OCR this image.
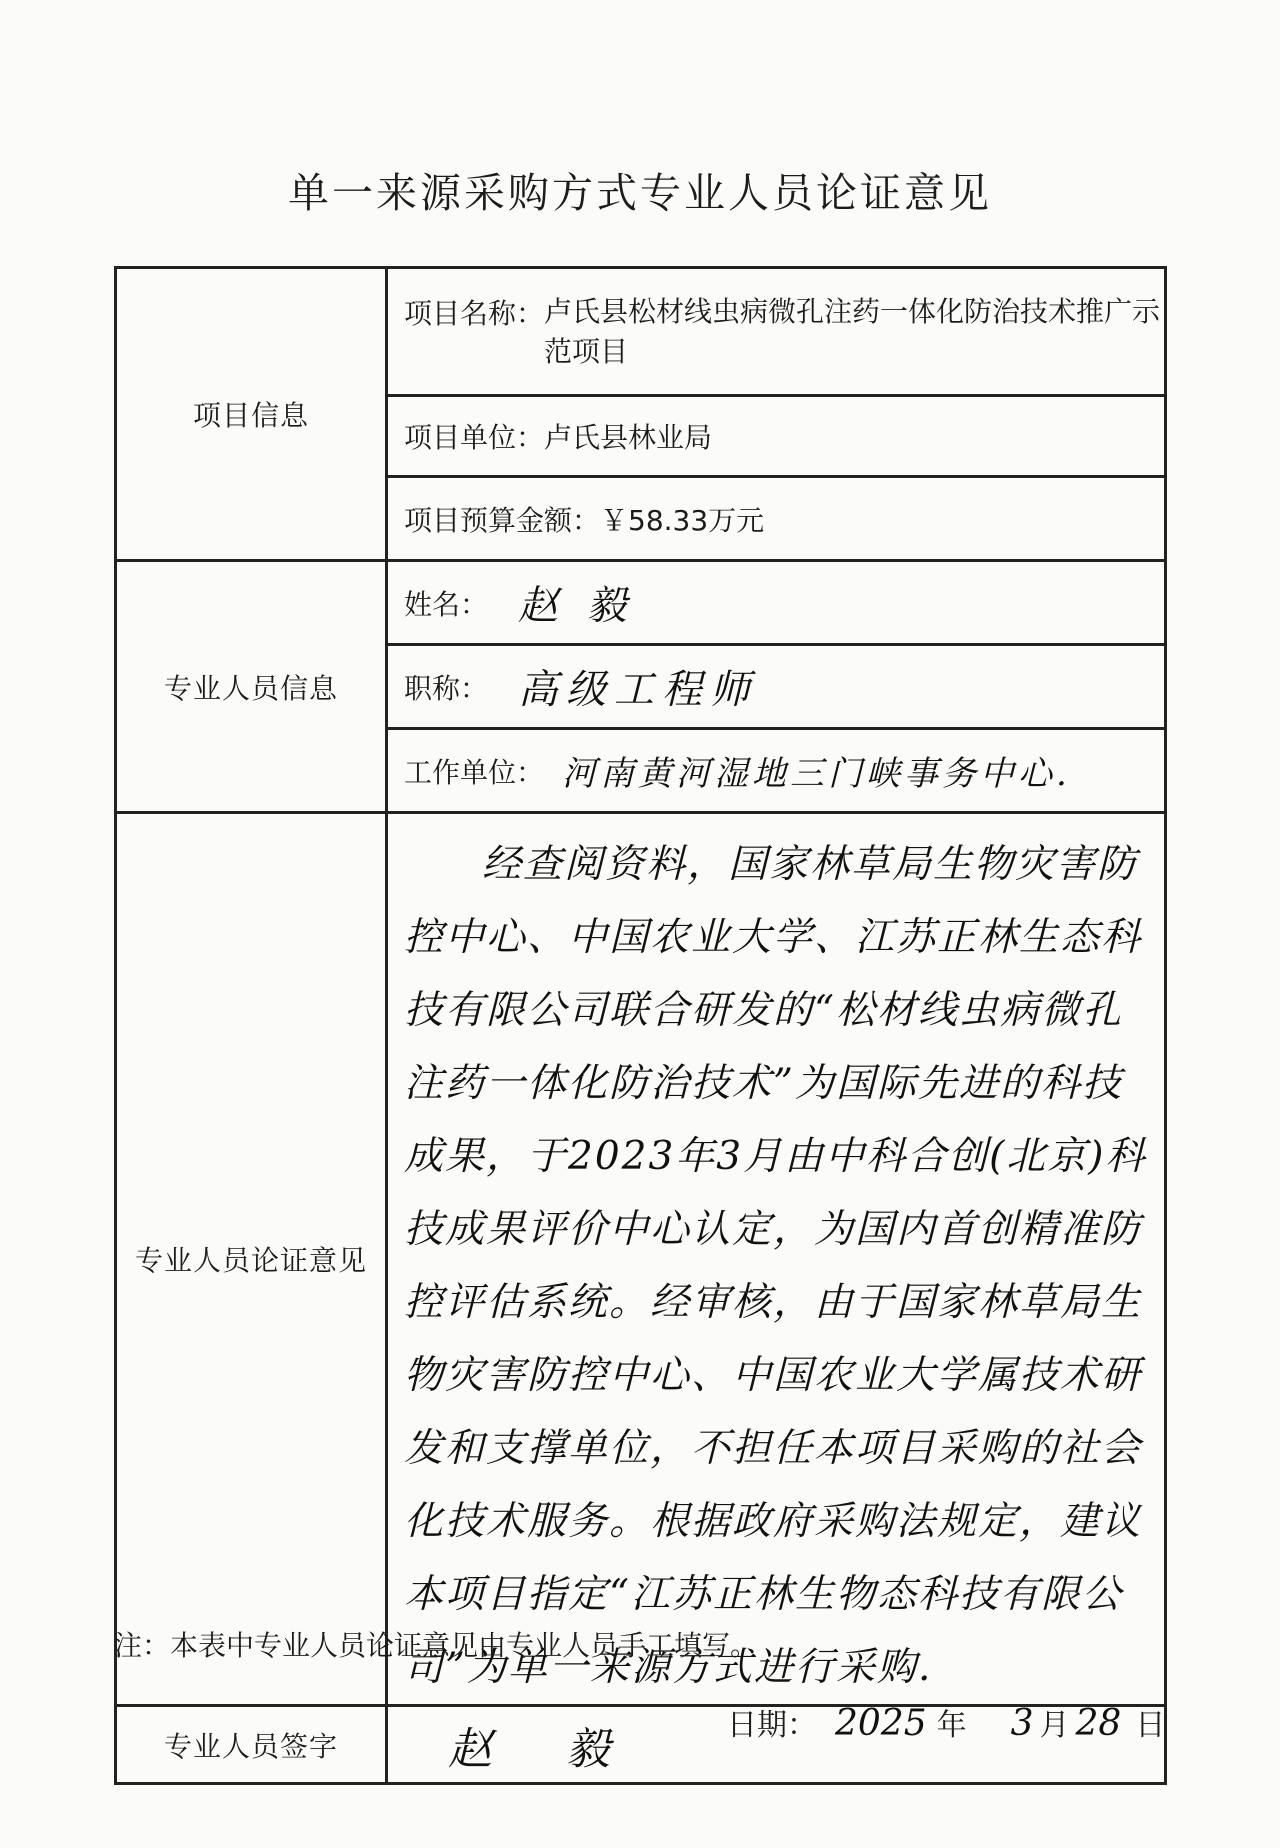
单一来源采购方式专业人员论证意见
项目信息	项目名称： 卢氏县松材线虫病微孔注药一体化防治技术推广示范项目

	项目单位： 卢氏县林业局

	项目预算金额： ￥58.33万元

专业人员信息	姓名： 赵 毅

	职称： 高级工程师

	工作单位： 河南黄河湿地三门峡事务中心.

专业人员论证意见	经查阅资料，国家林草局生物灾害防控中心、中国农业大学、江苏正林生态科技有限公司联合研发的“松材线虫病微孔注药一体化防治技术”为国际先进的科技成果，于2023年3月由中科合创(北京)科技成果评价中心认定，为国内首创精准防控评估系统。经审核，由于国家林草局生物灾害防控中心、中国农业大学属技术研发和支撑单位，不担任本项目采购的社会化技术服务。根据政府采购法规定，建议本项目指定“江苏正林生物态科技有限公司”为单一来源方式进行采购.

专业人员签字	赵 毅
注：本表中专业人员论证意见由专业人员手工填写。
日期： 2025 年 3 月 28 日
